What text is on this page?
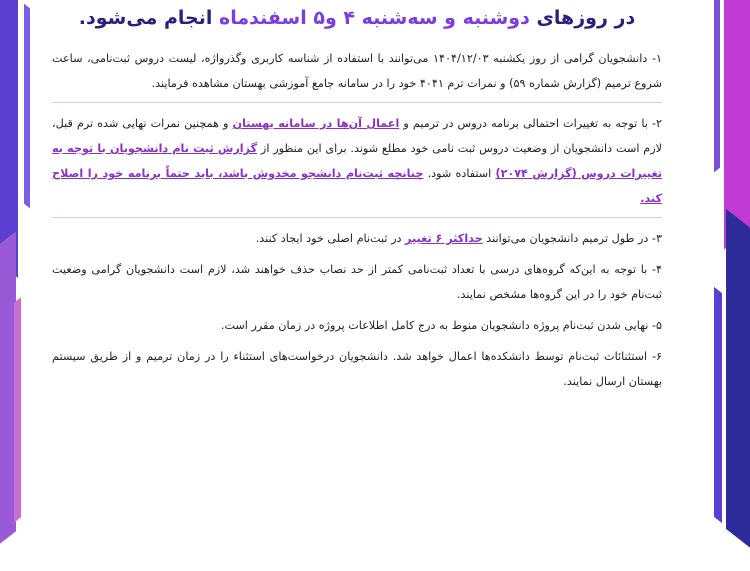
در روزهای دوشنبه و سه‌شنبه ۴ و۵ اسفندماه انجام می‌شود.

۱- دانشجویان گرامی از روز یکشنبه ۱۴۰۴/۱۲/۰۳ می‌توانند با استفاده از شناسه کاربری وگذرواژه، لیست دروس ثبت‌نامی، ساعت شروع ترمیم (گزارش شماره ۵۹) و نمرات ترم ۴۰۴۱ خود را در سامانه جامع آموزشی بهستان مشاهده فرمایند.

۲- با توجه به تغییرات احتمالی برنامه دروس در ترمیم و اعمال آن‌ها در سامانه بهستان و همچنین نمرات نهایی شده ترم قبل، لازم است دانشجویان از وضعیت دروس ثبت نامی خود مطلع شوند. برای این منظور از گزارش ثبت نام دانشجویان با توجه به تغییرات دروس (گزارش ۲۰۷۴) استفاده شود. چنانچه ثبت‌نام دانشجو مخدوش باشد، باید حتماً برنامه خود را اصلاح کند.

۳- در طول ترمیم دانشجویان می‌توانند حداکثر ۶ تغییر در ثبت‌نام اصلی خود ایجاد کنند.

۴- با توجه به این‌که گروه‌های درسی با تعداد ثبت‌نامی کمتر از حد نصاب حذف خواهند شد، لازم است دانشجویان گرامی وضعیت ثبت‌نام خود را در این گروه‌ها مشخص نمایند.

۵- نهایی شدن ثبت‌نام پروژه دانشجویان منوط به درج کامل اطلاعات پروژه در زمان مقرر است.

۶- استثنائات ثبت‌نام توسط دانشکده‌ها اعمال خواهد شد. دانشجویان درخواست‌های استثناء را در زمان ترمیم و از طریق سیستم بهستان ارسال نمایند.
